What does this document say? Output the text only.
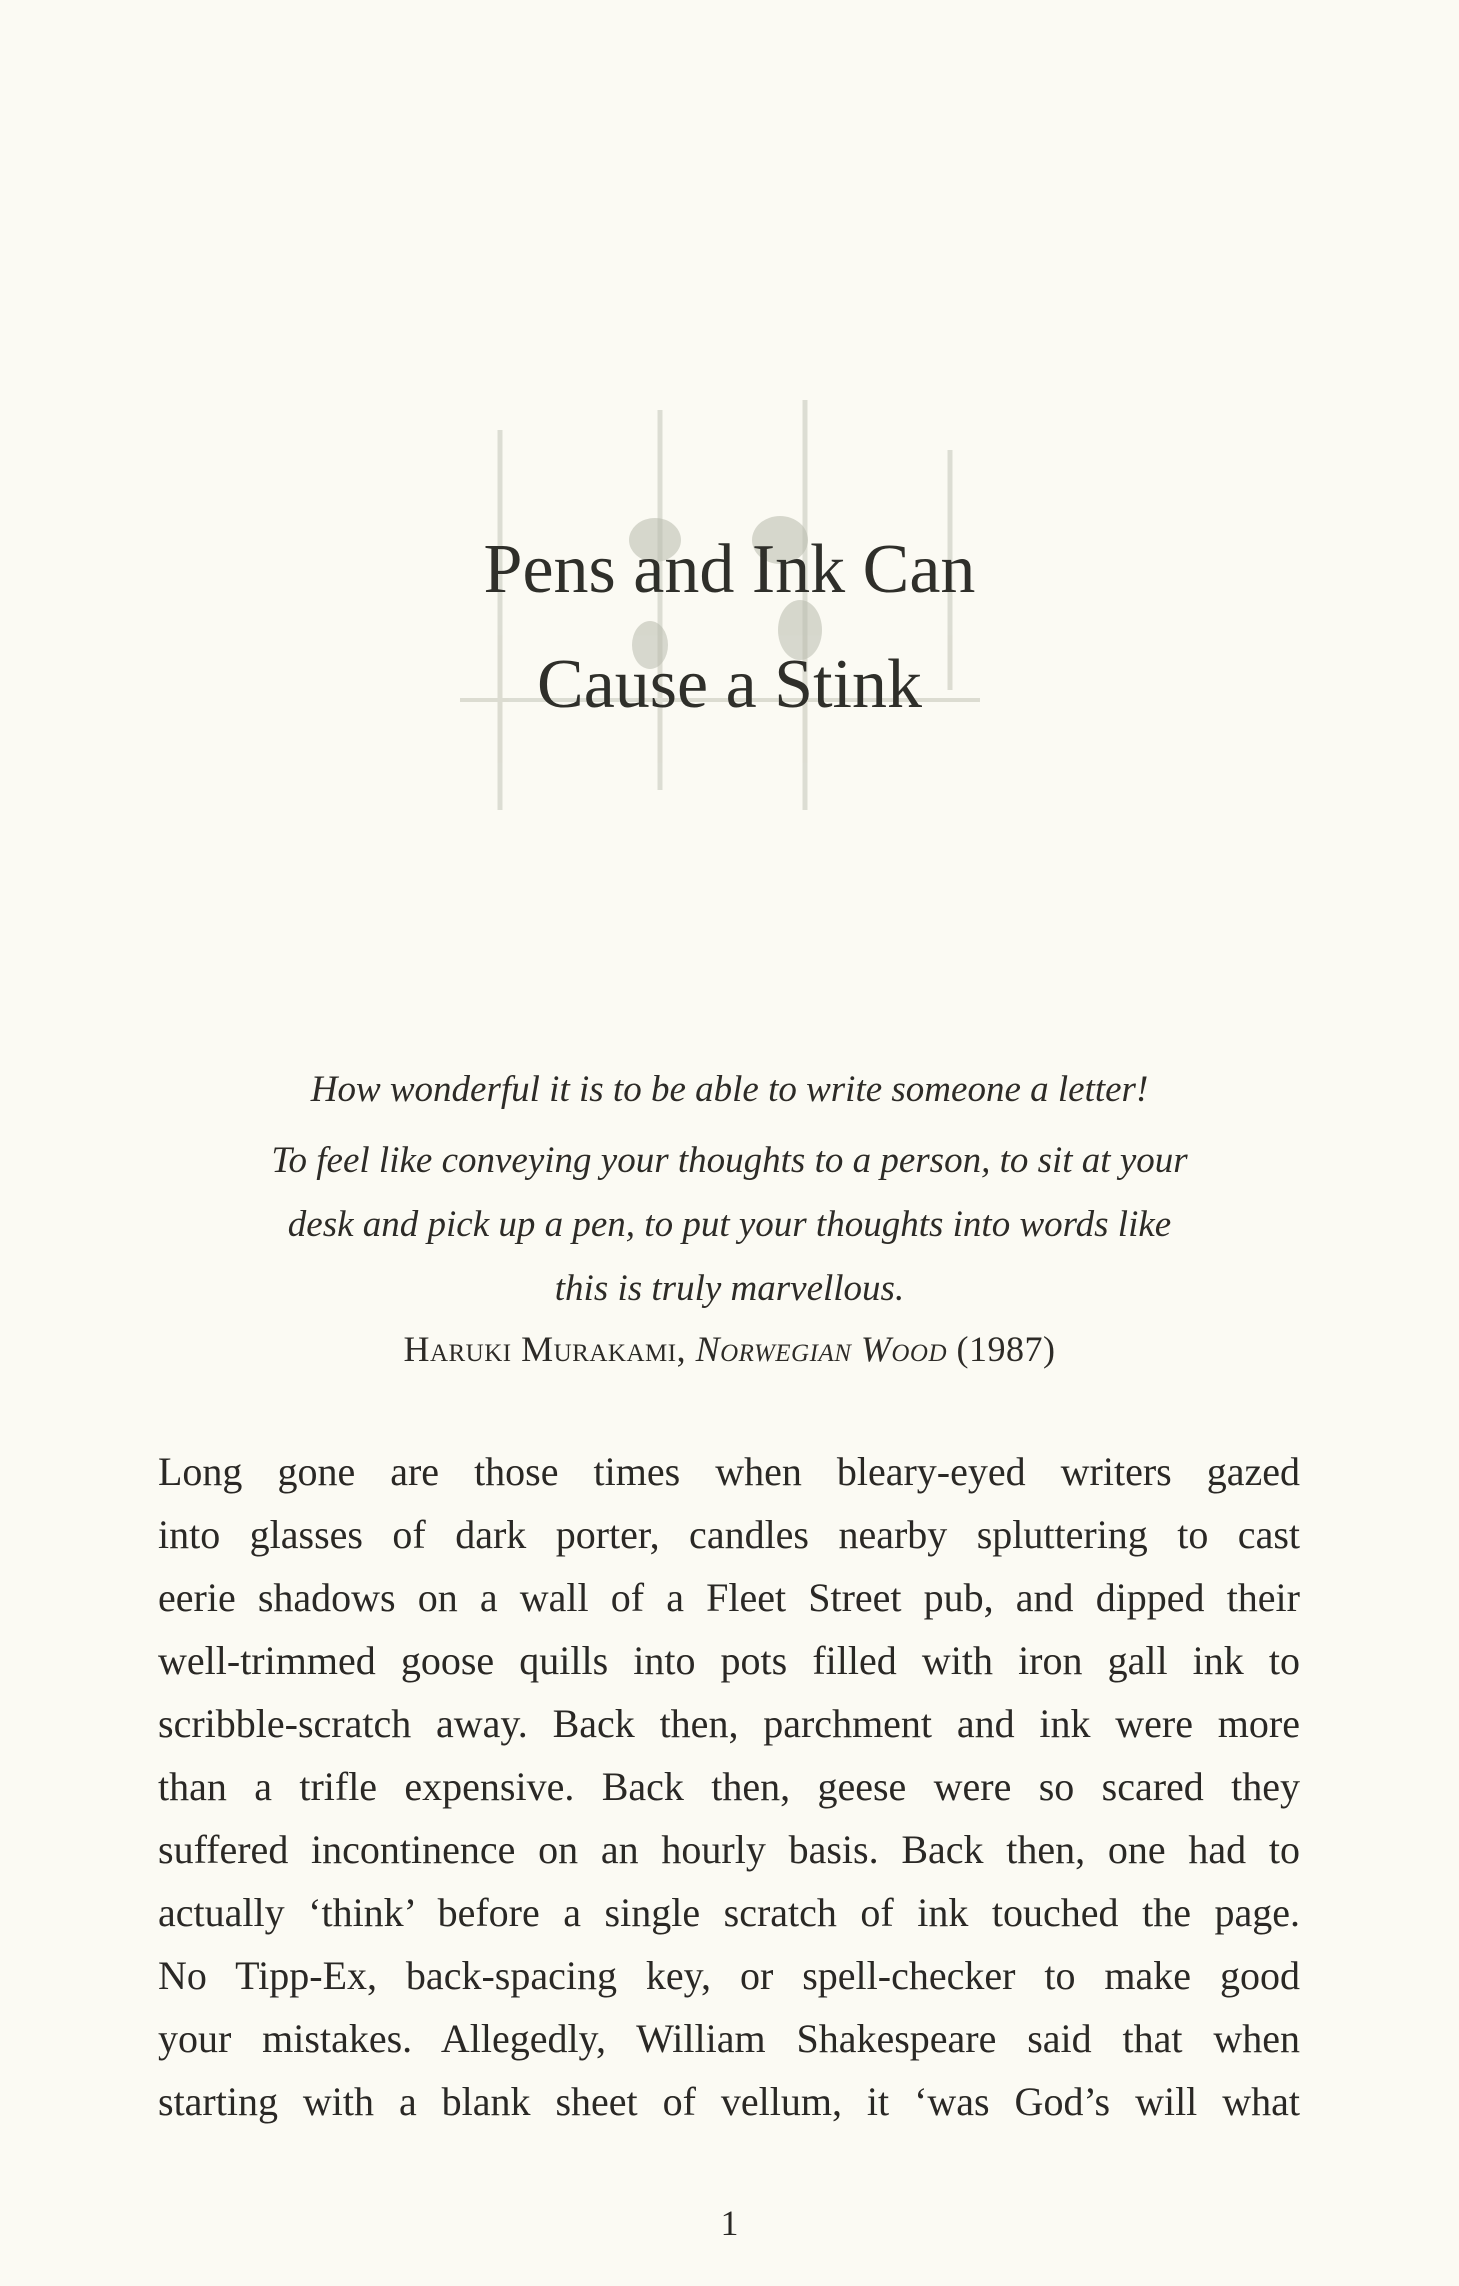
Pens and Ink Can
Cause a Stink
How wonderful it is to be able to write someone a letter!
To feel like conveying your thoughts to a person, to sit at your
desk and pick up a pen, to put your thoughts into words like
this is truly marvellous.
Haruki Murakami, Norwegian Wood (1987)
Long gone are those times when bleary-eyed writers gazed
into glasses of dark porter, candles nearby spluttering to cast
eerie shadows on a wall of a Fleet Street pub, and dipped their
well-trimmed goose quills into pots filled with iron gall ink to
scribble-scratch away. Back then, parchment and ink were more
than a trifle expensive. Back then, geese were so scared they
suffered incontinence on an hourly basis. Back then, one had to
actually ‘think’ before a single scratch of ink touched the page.
No Tipp-Ex, back-spacing key, or spell-checker to make good
your mistakes. Allegedly, William Shakespeare said that when
starting with a blank sheet of vellum, it ‘was God’s will what
1
